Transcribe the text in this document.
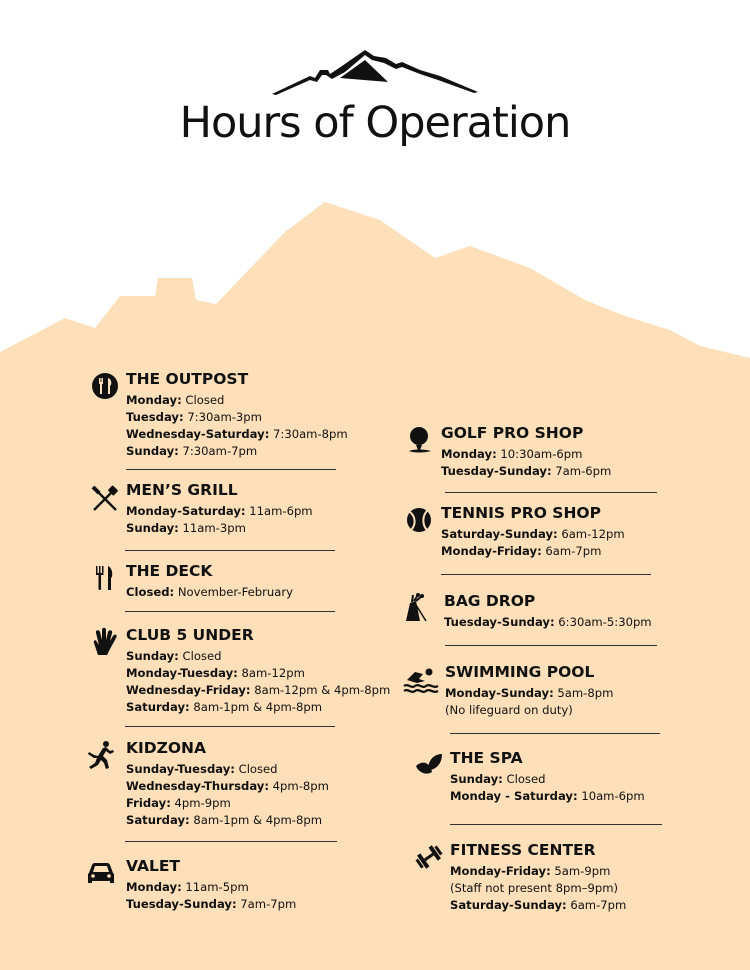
Hours of Operation
THE OUTPOST
Monday: Closed
Tuesday: 7:30am-3pm
Wednesday-Saturday: 7:30am-8pm
Sunday: 7:30am-7pm
MEN’S GRILL
Monday-Saturday: 11am-6pm
Sunday: 11am-3pm
THE DECK
Closed: November-February
CLUB 5 UNDER
Sunday: Closed
Monday-Tuesday: 8am-12pm
Wednesday-Friday: 8am-12pm & 4pm-8pm
Saturday: 8am-1pm & 4pm-8pm
KIDZONA
Sunday-Tuesday: Closed
Wednesday-Thursday: 4pm-8pm
Friday: 4pm-9pm
Saturday: 8am-1pm & 4pm-8pm
VALET
Monday: 11am-5pm
Tuesday-Sunday: 7am-7pm
GOLF PRO SHOP
Monday: 10:30am-6pm
Tuesday-Sunday: 7am-6pm
TENNIS PRO SHOP
Saturday-Sunday: 6am-12pm
Monday-Friday: 6am-7pm
BAG DROP
Tuesday-Sunday: 6:30am-5:30pm
SWIMMING POOL
Monday-Sunday: 5am-8pm
(No lifeguard on duty)
THE SPA
Sunday: Closed
Monday - Saturday: 10am-6pm
FITNESS CENTER
Monday-Friday: 5am-9pm
(Staff not present 8pm–9pm)
Saturday-Sunday: 6am-7pm
